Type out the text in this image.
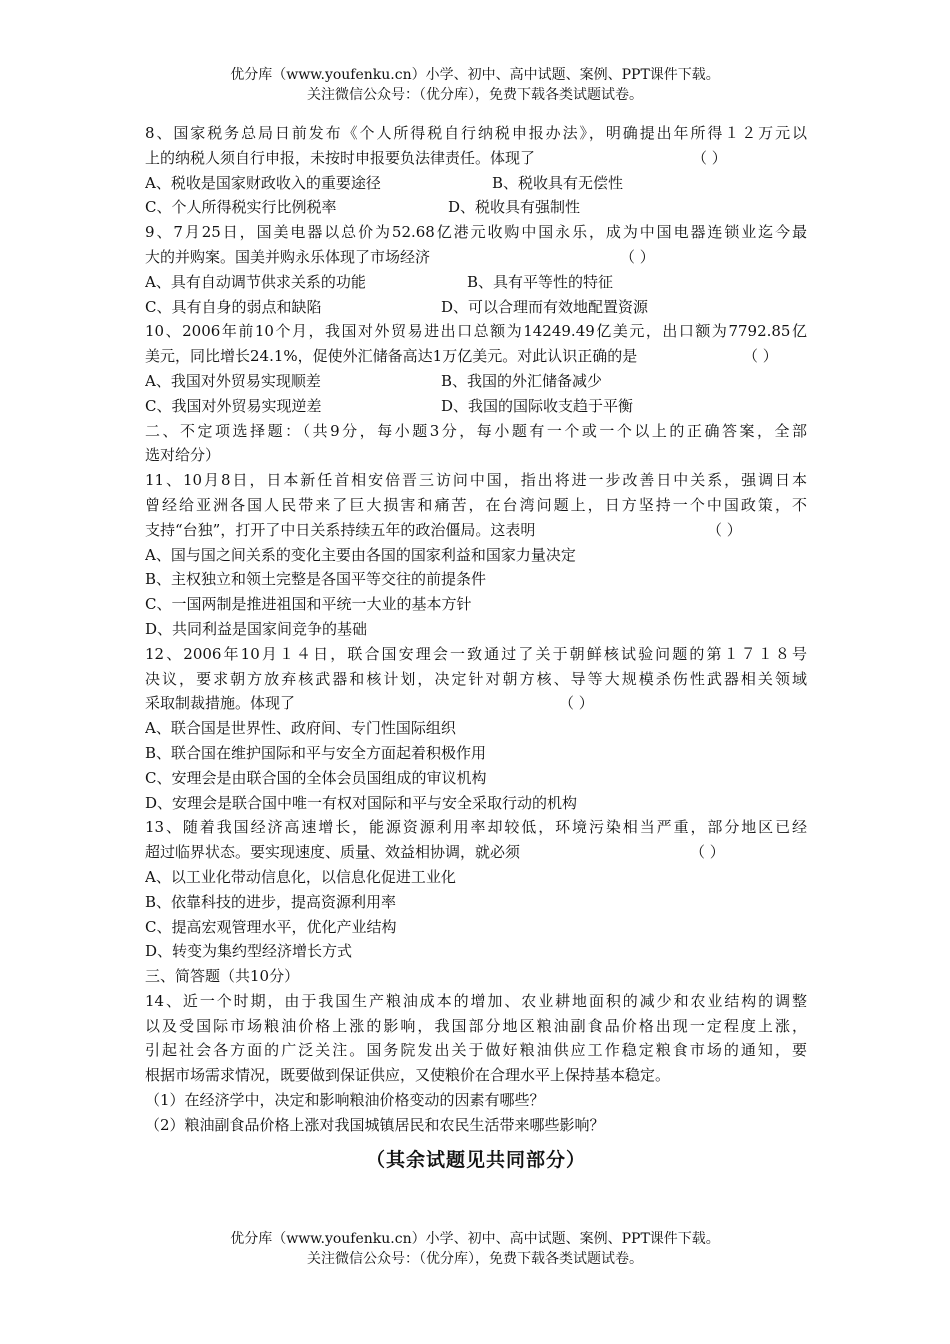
优分库（www.youfenku.cn）小学、初中、高中试题、案例、PPT课件下载。
关注微信公众号：（优分库），免费下载各类试题试卷。
8、国家税务总局日前发布《个人所得税自行纳税申报办法》，明确提出年所得１２万元以
上的纳税人须自行申报，未按时申报要负法律责任。体现了	（ ）
A、税收是国家财政收入的重要途径	B、税收具有无偿性
C、个人所得税实行比例税率	D、税收具有强制性
9、7月25日，国美电器以总价为52.68亿港元收购中国永乐，成为中国电器连锁业迄今最
大的并购案。国美并购永乐体现了市场经济	（ ）
A、具有自动调节供求关系的功能	B、具有平等性的特征
C、具有自身的弱点和缺陷	D、可以合理而有效地配置资源
10、2006年前10个月，我国对外贸易进出口总额为14249.49亿美元，出口额为7792.85亿
美元，同比增长24.1%，促使外汇储备高达1万亿美元。对此认识正确的是	（ ）
A、我国对外贸易实现顺差	B、我国的外汇储备减少
C、我国对外贸易实现逆差	D、我国的国际收支趋于平衡
二、不定项选择题：（共9分，每小题3分，每小题有一个或一个以上的正确答案，全部
选对给分）
11、10月8日，日本新任首相安倍晋三访问中国，指出将进一步改善日中关系，强调日本
曾经给亚洲各国人民带来了巨大损害和痛苦，在台湾问题上，日方坚持一个中国政策，不
支持“台独”，打开了中日关系持续五年的政治僵局。这表明	（ ）
A、国与国之间关系的变化主要由各国的国家利益和国家力量决定
B、主权独立和领土完整是各国平等交往的前提条件
C、一国两制是推进祖国和平统一大业的基本方针
D、共同利益是国家间竞争的基础
12、2006年10月１４日，联合国安理会一致通过了关于朝鲜核试验问题的第１７１８号
决议，要求朝方放弃核武器和核计划，决定针对朝方核、导等大规模杀伤性武器相关领域
采取制裁措施。体现了	（ ）
A、联合国是世界性、政府间、专门性国际组织
B、联合国在维护国际和平与安全方面起着积极作用
C、安理会是由联合国的全体会员国组成的审议机构
D、安理会是联合国中唯一有权对国际和平与安全采取行动的机构
13、随着我国经济高速增长，能源资源利用率却较低，环境污染相当严重，部分地区已经
超过临界状态。要实现速度、质量、效益相协调，就必须	（ ）
A、以工业化带动信息化，以信息化促进工业化
B、依靠科技的进步，提高资源利用率
C、提高宏观管理水平，优化产业结构
D、转变为集约型经济增长方式
三、简答题（共10分）
14、近一个时期，由于我国生产粮油成本的增加、农业耕地面积的减少和农业结构的调整
以及受国际市场粮油价格上涨的影响，我国部分地区粮油副食品价格出现一定程度上涨，
引起社会各方面的广泛关注。国务院发出关于做好粮油供应工作稳定粮食市场的通知，要
根据市场需求情况，既要做到保证供应，又使粮价在合理水平上保持基本稳定。
（1）在经济学中，决定和影响粮油价格变动的因素有哪些？
（2）粮油副食品价格上涨对我国城镇居民和农民生活带来哪些影响？
（其余试题见共同部分）
优分库（www.youfenku.cn）小学、初中、高中试题、案例、PPT课件下载。
关注微信公众号：（优分库），免费下载各类试题试卷。
